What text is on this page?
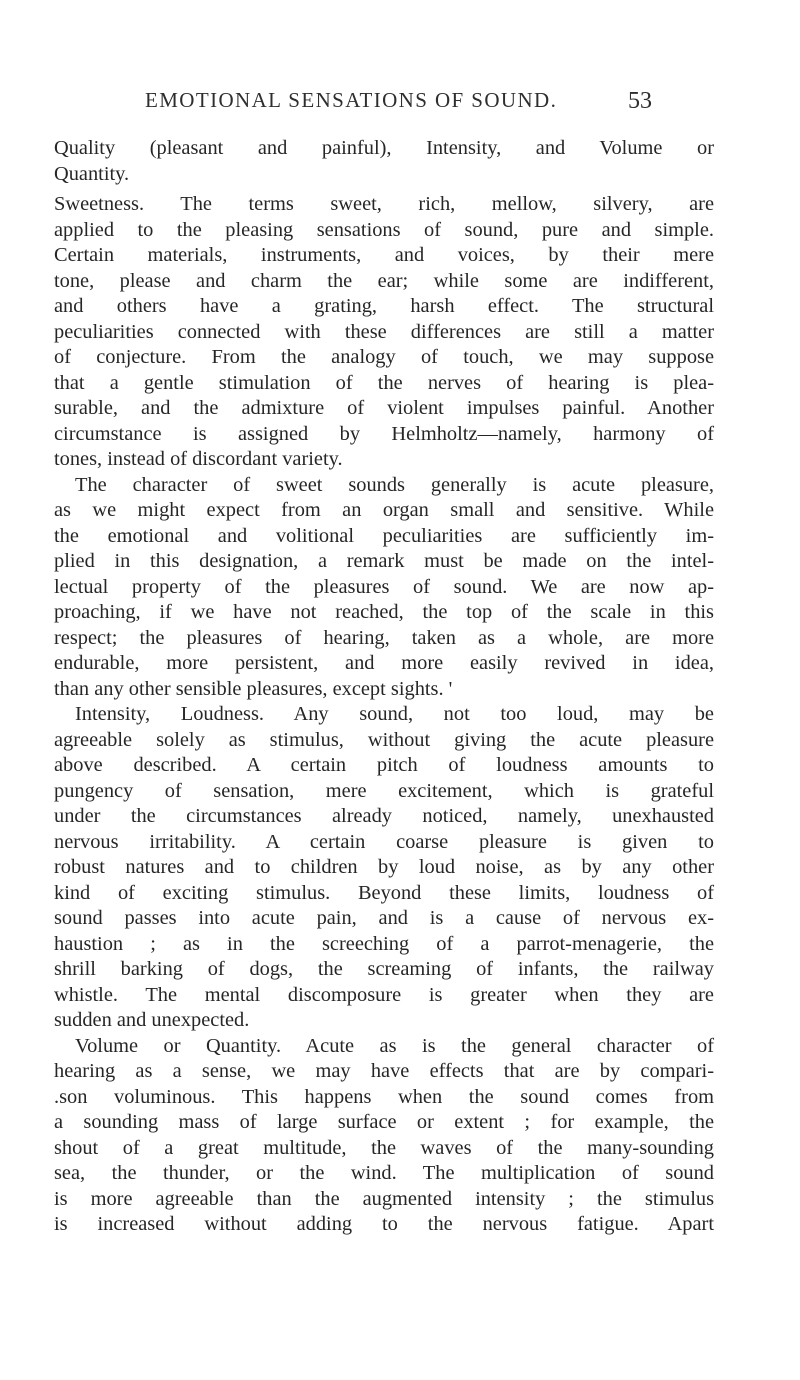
EMOTIONAL SENSATIONS OF SOUND.	53
Quality (pleasant and painful), Intensity, and Volume or
Quantity.
Sweetness. The terms sweet, rich, mellow, silvery, are
applied to the pleasing sensations of sound, pure and simple.
Certain materials, instruments, and voices, by their mere
tone, please and charm the ear; while some are indifferent,
and others have a grating, harsh effect. The structural
peculiarities connected with these differences are still a matter
of conjecture. From the analogy of touch, we may suppose
that a gentle stimulation of the nerves of hearing is plea-
surable, and the admixture of violent impulses painful. Another
circumstance is assigned by Helmholtz—namely, harmony of
tones, instead of discordant variety.
The character of sweet sounds generally is acute pleasure,
as we might expect from an organ small and sensitive. While
the emotional and volitional peculiarities are sufficiently im-
plied in this designation, a remark must be made on the intel-
lectual property of the pleasures of sound. We are now ap-
proaching, if we have not reached, the top of the scale in this
respect; the pleasures of hearing, taken as a whole, are more
endurable, more persistent, and more easily revived in idea,
than any other sensible pleasures, except sights. '
Intensity, Loudness. Any sound, not too loud, may be
agreeable solely as stimulus, without giving the acute pleasure
above described. A certain pitch of loudness amounts to
pungency of sensation, mere excitement, which is grateful
under the circumstances already noticed, namely, unexhausted
nervous irritability. A certain coarse pleasure is given to
robust natures and to children by loud noise, as by any other
kind of exciting stimulus. Beyond these limits, loudness of
sound passes into acute pain, and is a cause of nervous ex-
haustion ; as in the screeching of a parrot-menagerie, the
shrill barking of dogs, the screaming of infants, the railway
whistle. The mental discomposure is greater when they are
sudden and unexpected.
Volume or Quantity. Acute as is the general character of
hearing as a sense, we may have effects that are by compari-
.son voluminous. This happens when the sound comes from
a sounding mass of large surface or extent ; for example, the
shout of a great multitude, the waves of the many-sounding
sea, the thunder, or the wind. The multiplication of sound
is more agreeable than the augmented intensity ; the stimulus
is increased without adding to the nervous fatigue. Apart
